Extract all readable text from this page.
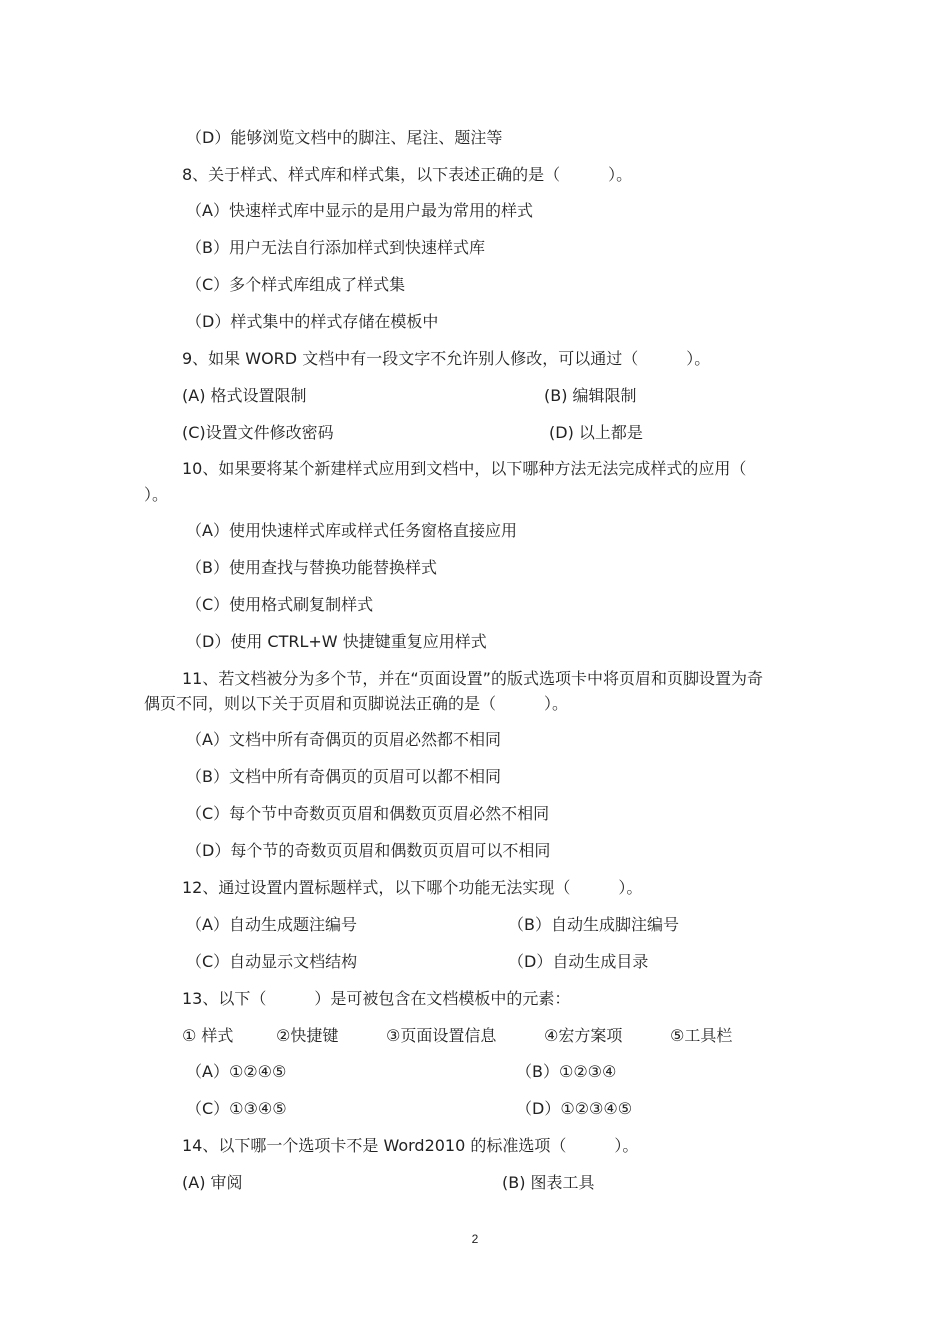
（D）能够浏览文档中的脚注、尾注、题注等
8、关于样式、样式库和样式集，以下表述正确的是（　　　）。
（A）快速样式库中显示的是用户最为常用的样式
（B）用户无法自行添加样式到快速样式库
（C）多个样式库组成了样式集
（D）样式集中的样式存储在模板中
9、如果 WORD 文档中有一段文字不允许别人修改，可以通过（　　　）。
(A) 格式设置限制	(B) 编辑限制
(C)设置文件修改密码	(D) 以上都是
10、如果要将某个新建样式应用到文档中，以下哪种方法无法完成样式的应用（
）。
（A）使用快速样式库或样式任务窗格直接应用
（B）使用查找与替换功能替换样式
（C）使用格式刷复制样式
（D）使用 CTRL+W 快捷键重复应用样式
11、若文档被分为多个节，并在“页面设置”的版式选项卡中将页眉和页脚设置为奇
偶页不同，则以下关于页眉和页脚说法正确的是（　　　）。
（A）文档中所有奇偶页的页眉必然都不相同
（B）文档中所有奇偶页的页眉可以都不相同
（C）每个节中奇数页页眉和偶数页页眉必然不相同
（D）每个节的奇数页页眉和偶数页页眉可以不相同
12、通过设置内置标题样式，以下哪个功能无法实现（　　　）。
（A）自动生成题注编号	（B）自动生成脚注编号
（C）自动显示文档结构	（D）自动生成目录
13、以下（　　　）是可被包含在文档模板中的元素：
① 样式	②快捷键	③页面设置信息	④宏方案项	⑤工具栏
（A）①②④⑤	（B）①②③④
（C）①③④⑤	（D）①②③④⑤
14、以下哪一个选项卡不是 Word2010 的标准选项（　　　）。
(A) 审阅	(B) 图表工具
2
